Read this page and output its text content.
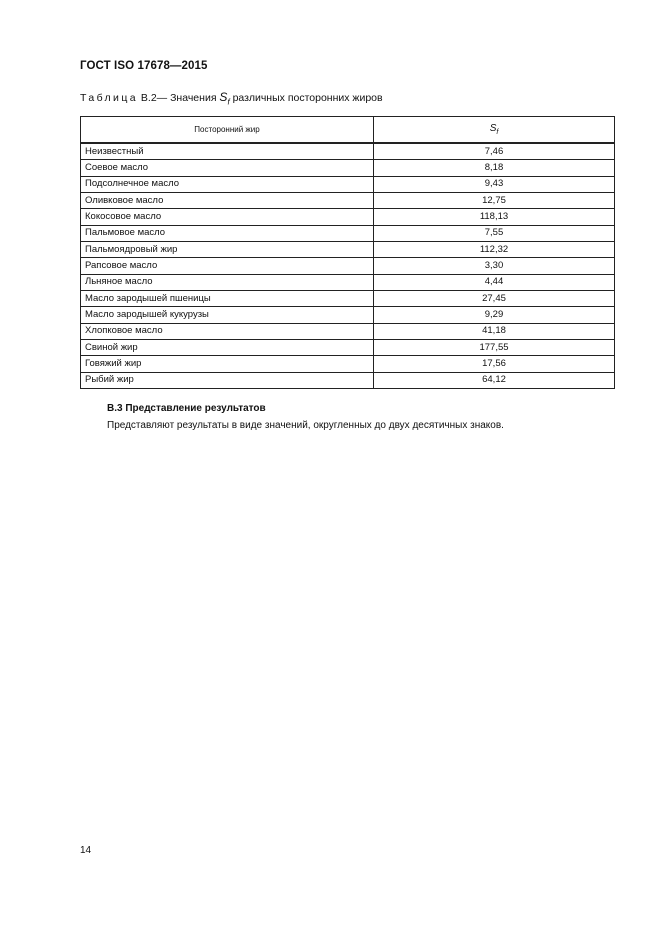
ГОСТ ISO 17678—2015
Таблица B.2— Значения $S_f$ различных посторонних жиров
Посторонний жир	$S_f$
Неизвестный	7,46
Соевое масло	8,18
Подсолнечное масло	9,43
Оливковое масло	12,75
Кокосовое масло	118,13
Пальмовое масло	7,55
Пальмоядровый жир	112,32
Рапсовое масло	3,30
Льняное масло	4,44
Масло зародышей пшеницы	27,45
Масло зародышей кукурузы	9,29
Хлопковое масло	41,18
Свиной жир	177,55
Говяжий жир	17,56
Рыбий жир	64,12
В.3 Представление результатов
Представляют результаты в виде значений, округленных до двух десятичных знаков.
14
